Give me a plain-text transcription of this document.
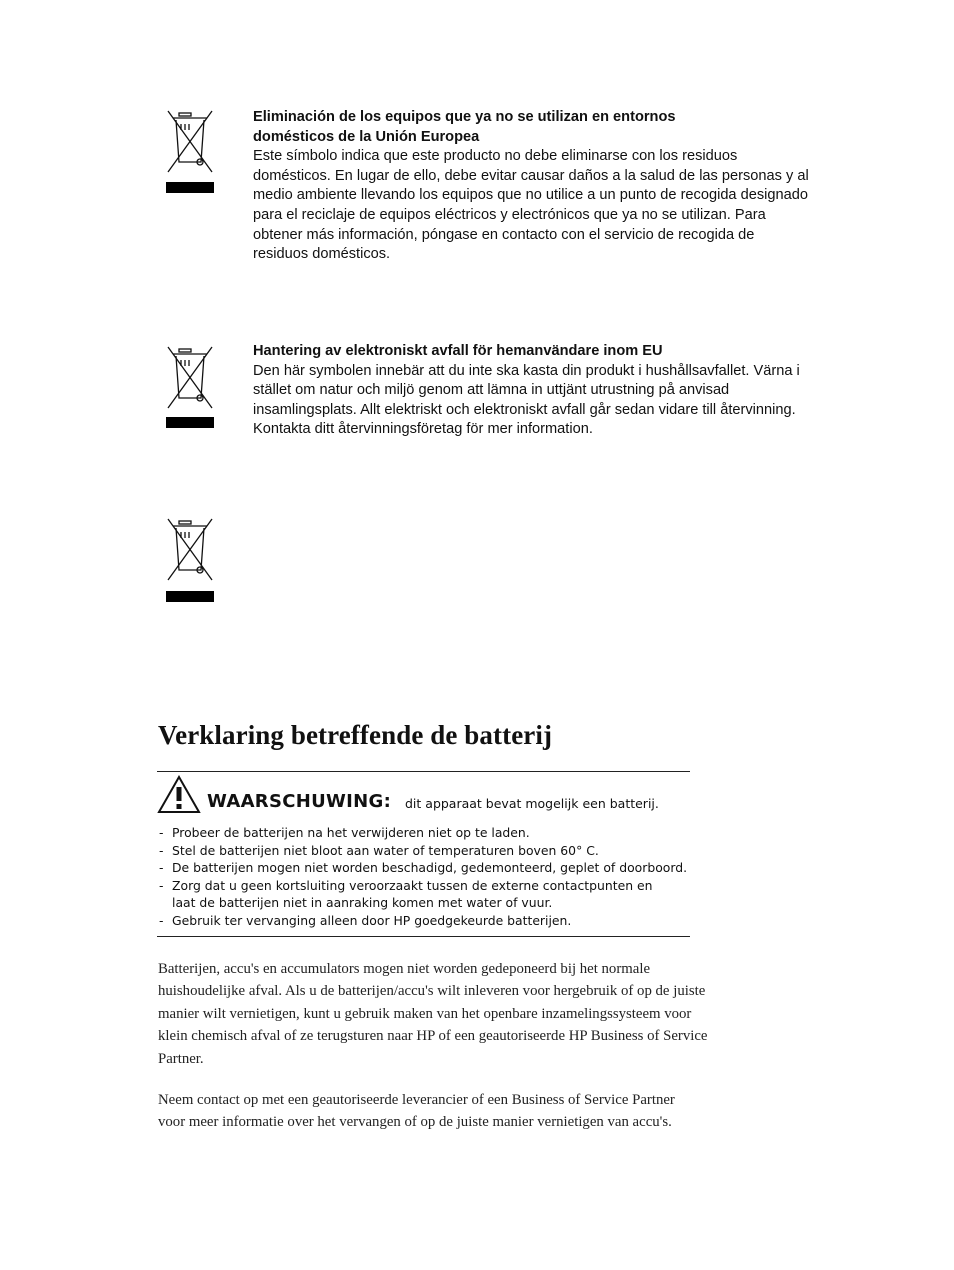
Eliminación de los equipos que ya no se utilizan en entornos
domésticos de la Unión Europea

Este símbolo indica que este producto no debe eliminarse con los residuos domésticos. En lugar de ello, debe evitar causar daños a la salud de las personas y al medio ambiente llevando los equipos que no utilice a un punto de recogida designado para el reciclaje de equipos eléctricos y electrónicos que ya no se utilizan. Para obtener más información, póngase en contacto con el servicio de recogida de residuos domésticos.

Hantering av elektroniskt avfall för hemanvändare inom EU

Den här symbolen innebär att du inte ska kasta din produkt i hushållsavfallet. Värna i stället om natur och miljö genom att lämna in uttjänt utrustning på anvisad insamlingsplats. Allt elektriskt och elektroniskt avfall går sedan vidare till återvinning. Kontakta ditt återvinningsföretag för mer information.

Verklaring betreffende de batterij
WAARSCHUWING: dit apparaat bevat mogelijk een batterij.
- Probeer de batterijen na het verwijderen niet op te laden.
- Stel de batterijen niet bloot aan water of temperaturen boven 60° C.
- De batterijen mogen niet worden beschadigd, gedemonteerd, geplet of doorboord.
- Zorg dat u geen kortsluiting veroorzaakt tussen de externe contactpunten en laat de batterijen niet in aanraking komen met water of vuur.
- Gebruik ter vervanging alleen door HP goedgekeurde batterijen.

Batterijen, accu's en accumulators mogen niet worden gedeponeerd bij het normale huishoudelijke afval. Als u de batterijen/accu's wilt inleveren voor hergebruik of op de juiste manier wilt vernietigen, kunt u gebruik maken van het openbare inzamelingssysteem voor klein chemisch afval of ze terugsturen naar HP of een geautoriseerde HP Business of Service Partner.

Neem contact op met een geautoriseerde leverancier of een Business of Service Partner voor meer informatie over het vervangen of op de juiste manier vernietigen van accu's.
